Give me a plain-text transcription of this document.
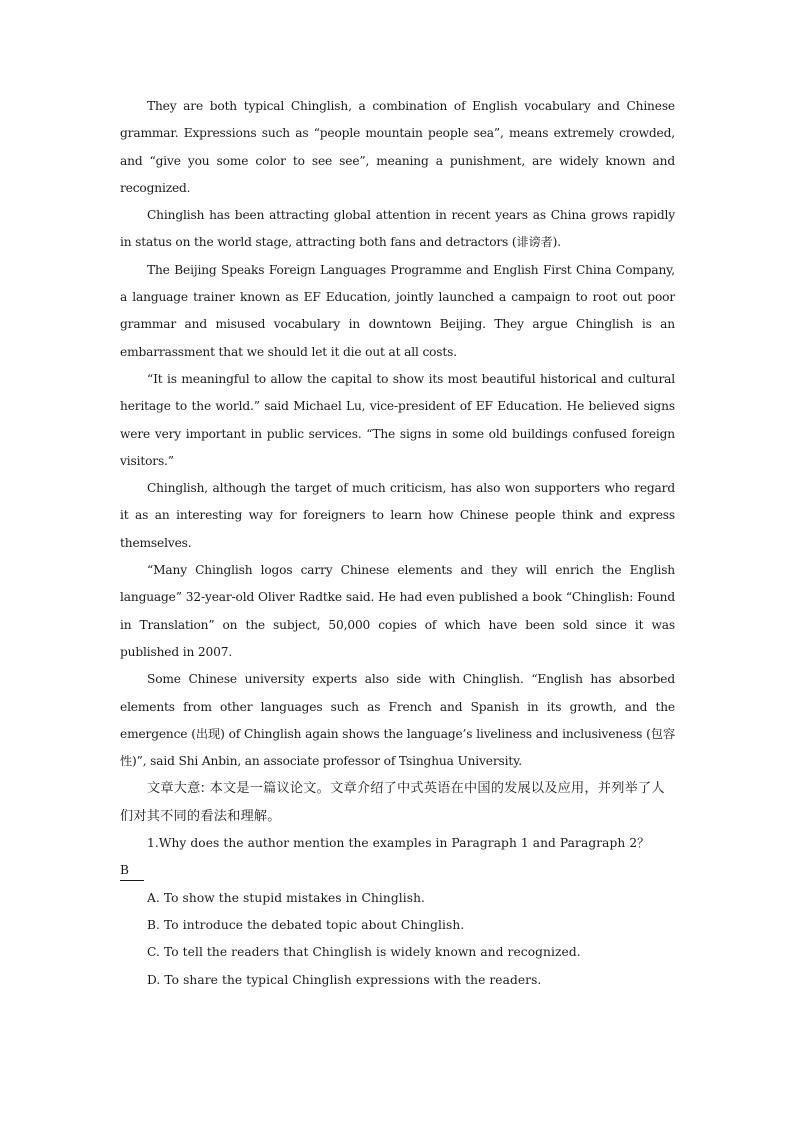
They are both typical Chinglish, a combination of English vocabulary and Chinese grammar. Expressions such as “people mountain people sea”, means extremely crowded, and “give you some color to see see”, meaning a punishment, are widely known and recognized.

Chinglish has been attracting global attention in recent years as China grows rapidly in status on the world stage, attracting both fans and detractors (诽谤者).

The Beijing Speaks Foreign Languages Programme and English First China Company, a language trainer known as EF Education, jointly launched a campaign to root out poor grammar and misused vocabulary in downtown Beijing. They argue Chinglish is an embarrassment that we should let it die out at all costs.

“It is meaningful to allow the capital to show its most beautiful historical and cultural heritage to the world.” said Michael Lu, vice-president of EF Education. He believed signs were very important in public services. “The signs in some old buildings confused foreign visitors.”

Chinglish, although the target of much criticism, has also won supporters who regard it as an interesting way for foreigners to learn how Chinese people think and express themselves.

“Many Chinglish logos carry Chinese elements and they will enrich the English language” 32-year-old Oliver Radtke said. He had even published a book “Chinglish: Found in Translation” on the subject, 50,000 copies of which have been sold since it was published in 2007.

Some Chinese university experts also side with Chinglish. “English has absorbed elements from other languages such as French and Spanish in its growth, and the emergence (出现) of Chinglish again shows the language’s liveliness and inclusiveness (包容性)”, said Shi Anbin, an associate professor of Tsinghua University.

文章大意: 本文是一篇议论文。文章介绍了中式英语在中国的发展以及应用，并列举了人们对其不同的看法和理解。

1.Why does the author mention the examples in Paragraph 1 and Paragraph 2？

B

A. To show the stupid mistakes in Chinglish.

B. To introduce the debated topic about Chinglish.

C. To tell the readers that Chinglish is widely known and recognized.

D. To share the typical Chinglish expressions with the readers.
